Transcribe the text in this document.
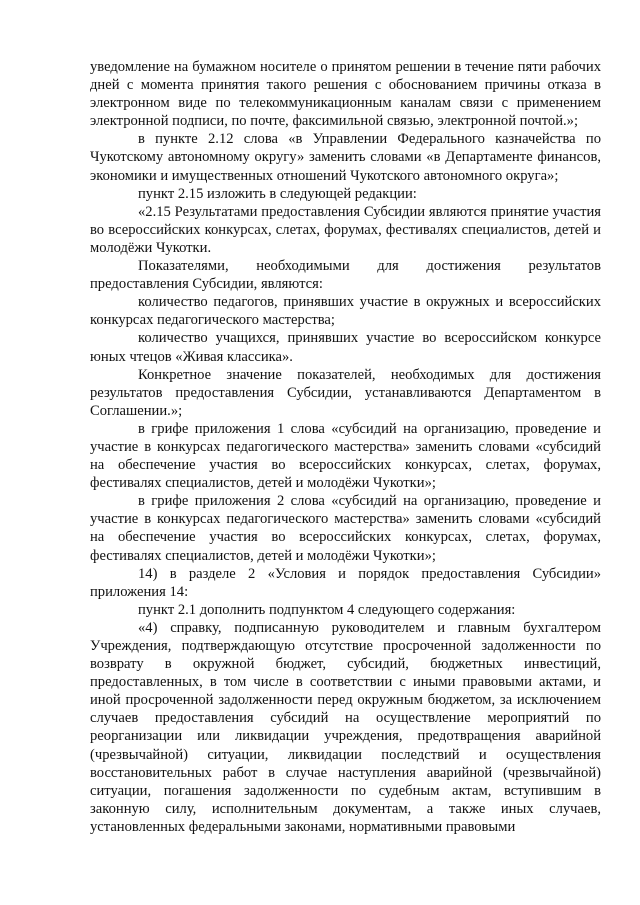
уведомление на бумажном носителе о принятом решении в течение пяти рабочих дней с момента принятия такого решения с обоснованием причины отказа в электронном виде по телекоммуникационным каналам связи с применением электронной подписи, по почте, факсимильной связью, электронной почтой.»;

в пункте 2.12 слова «в Управлении Федерального казначейства по Чукотскому автономному округу» заменить словами «в Департаменте финансов, экономики и имущественных отношений Чукотского автономного округа»;

пункт 2.15 изложить в следующей редакции:

«2.15 Результатами предоставления Субсидии являются принятие участия во всероссийских конкурсах, слетах, форумах, фестивалях специалистов, детей и молодёжи Чукотки.

Показателями, необходимыми для достижения результатов предоставления Субсидии, являются:

количество педагогов, принявших участие в окружных и всероссийских конкурсах педагогического мастерства;

количество учащихся, принявших участие во всероссийском конкурсе юных чтецов «Живая классика».

Конкретное значение показателей, необходимых для достижения результатов предоставления Субсидии, устанавливаются Департаментом в Соглашении.»;

в грифе приложения 1 слова «субсидий на организацию, проведение и участие в конкурсах педагогического мастерства» заменить словами «субсидий на обеспечение участия во всероссийских конкурсах, слетах, форумах, фестивалях специалистов, детей и молодёжи Чукотки»;

в грифе приложения 2 слова «субсидий на организацию, проведение и участие в конкурсах педагогического мастерства» заменить словами «субсидий на обеспечение участия во всероссийских конкурсах, слетах, форумах, фестивалях специалистов, детей и молодёжи Чукотки»;

14) в разделе 2 «Условия и порядок предоставления Субсидии» приложения 14:

пункт 2.1 дополнить подпунктом 4 следующего содержания:

«4) справку, подписанную руководителем и главным бухгалтером Учреждения, подтверждающую отсутствие просроченной задолженности по возврату в окружной бюджет, субсидий, бюджетных инвестиций, предоставленных, в том числе в соответствии с иными правовыми актами, и иной просроченной задолженности перед окружным бюджетом, за исключением случаев предоставления субсидий на осуществление мероприятий по реорганизации или ликвидации учреждения, предотвращения аварийной (чрезвычайной) ситуации, ликвидации последствий и осуществления восстановительных работ в случае наступления аварийной (чрезвычайной) ситуации, погашения задолженности по судебным актам, вступившим в законную силу, исполнительным документам, а также иных случаев, установленных федеральными законами, нормативными правовыми
